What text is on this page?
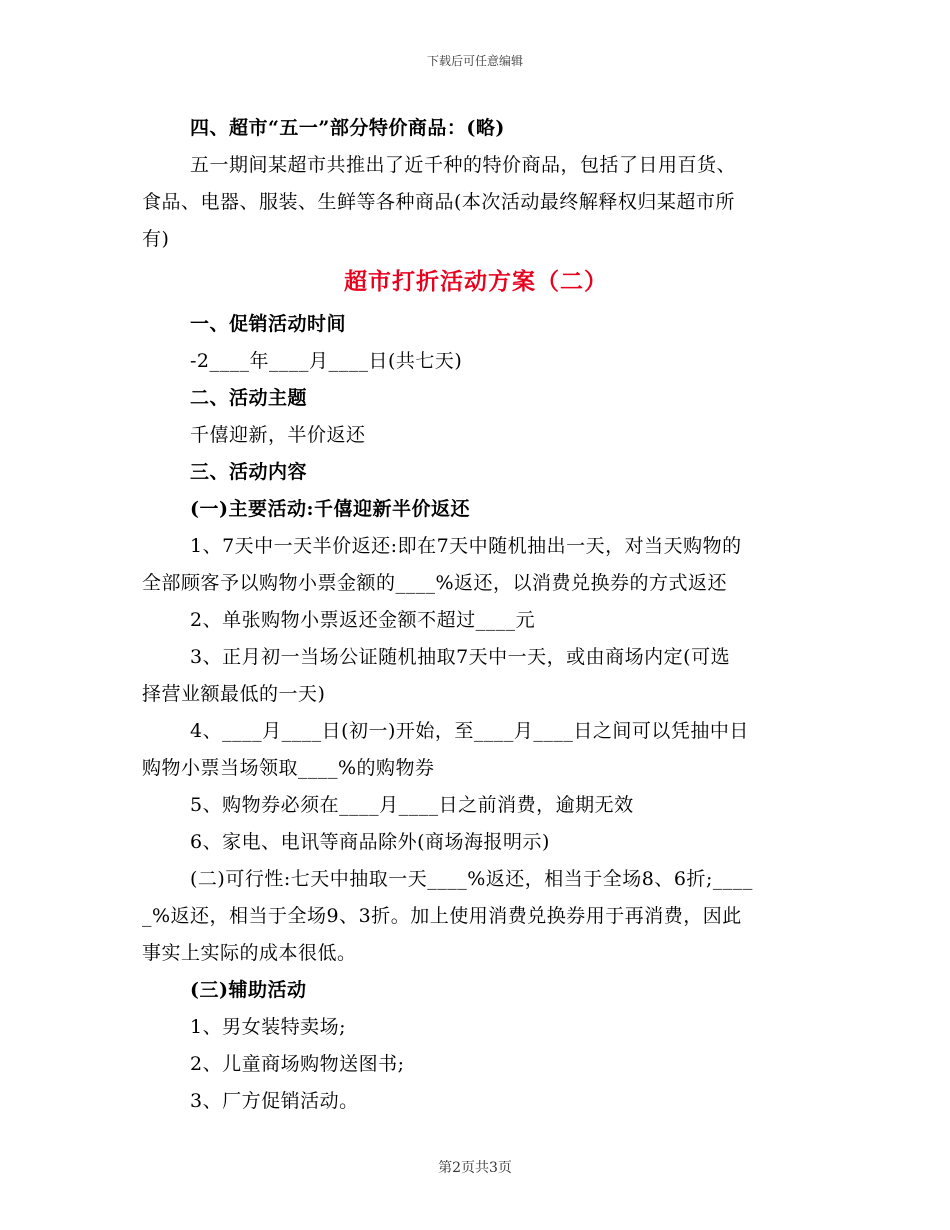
下载后可任意编辑
四、超市“五一”部分特价商品：(略)
五一期间某超市共推出了近千种的特价商品，包括了日用百货、
食品、电器、服装、生鲜等各种商品(本次活动最终解释权归某超市所
有)
超市打折活动方案（二）
一、促销活动时间
-2____年____月____日(共七天)
二、活动主题
千僖迎新，半价返还
三、活动内容
(一)主要活动:千僖迎新半价返还
1、7天中一天半价返还:即在7天中随机抽出一天，对当天购物的
全部顾客予以购物小票金额的____%返还，以消费兑换券的方式返还
2、单张购物小票返还金额不超过____元
3、正月初一当场公证随机抽取7天中一天，或由商场内定(可选
择营业额最低的一天)
4、____月____日(初一)开始，至____月____日之间可以凭抽中日
购物小票当场领取____%的购物券
5、购物券必须在____月____日之前消费，逾期无效
6、家电、电讯等商品除外(商场海报明示)
(二)可行性:七天中抽取一天____%返还，相当于全场8、6折;____
_%返还，相当于全场9、3折。加上使用消费兑换券用于再消费，因此
事实上实际的成本很低。
(三)辅助活动
1、男女装特卖场;
2、儿童商场购物送图书;
3、厂方促销活动。
第2页共3页
